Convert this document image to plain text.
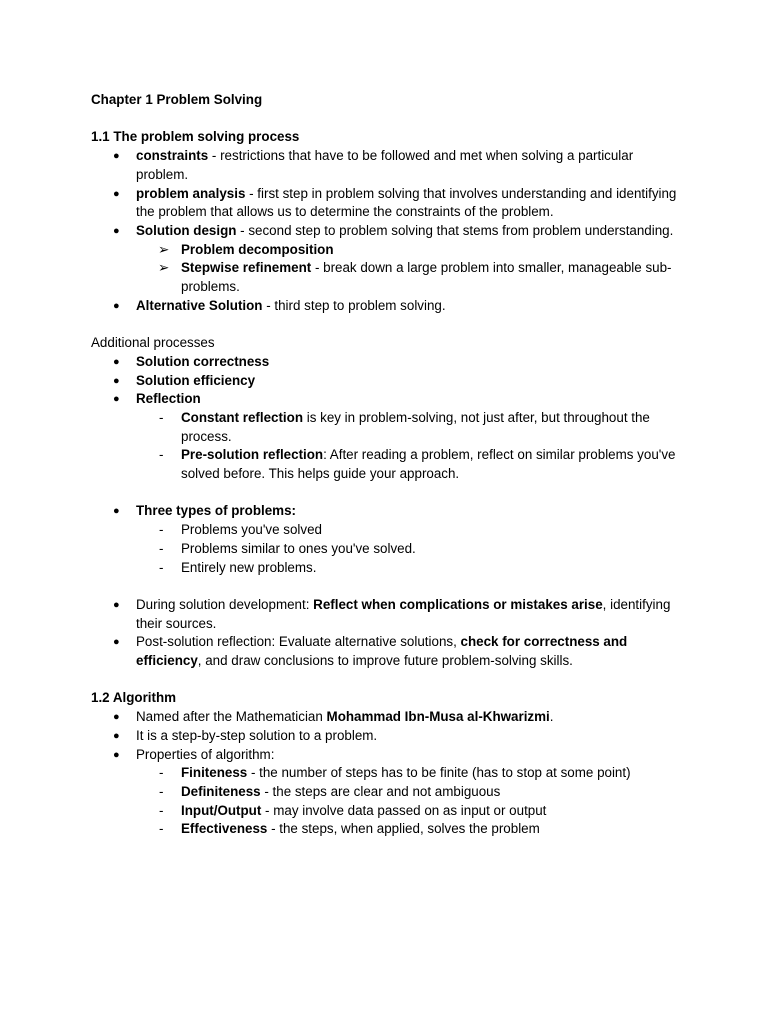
Chapter 1 Problem Solving
1.1 The problem solving process
● constraints - restrictions that have to be followed and met when solving a particular problem.
● problem analysis - first step in problem solving that involves understanding and identifying the problem that allows us to determine the constraints of the problem.
● Solution design - second step to problem solving that stems from problem understanding.
➢ Problem decomposition
➢ Stepwise refinement - break down a large problem into smaller, manageable sub-problems.
● Alternative Solution - third step to problem solving.
Additional processes
● Solution correctness
● Solution efficiency
● Reflection
- Constant reflection is key in problem-solving, not just after, but throughout the process.
- Pre-solution reflection: After reading a problem, reflect on similar problems you've solved before. This helps guide your approach.
● Three types of problems:
- Problems you've solved
- Problems similar to ones you've solved.
- Entirely new problems.
● During solution development: Reflect when complications or mistakes arise, identifying their sources.
● Post-solution reflection: Evaluate alternative solutions, check for correctness and efficiency, and draw conclusions to improve future problem-solving skills.
1.2 Algorithm
● Named after the Mathematician Mohammad Ibn-Musa al-Khwarizmi.
● It is a step-by-step solution to a problem.
● Properties of algorithm:
- Finiteness - the number of steps has to be finite (has to stop at some point)
- Definiteness - the steps are clear and not ambiguous
- Input/Output - may involve data passed on as input or output
- Effectiveness - the steps, when applied, solves the problem
